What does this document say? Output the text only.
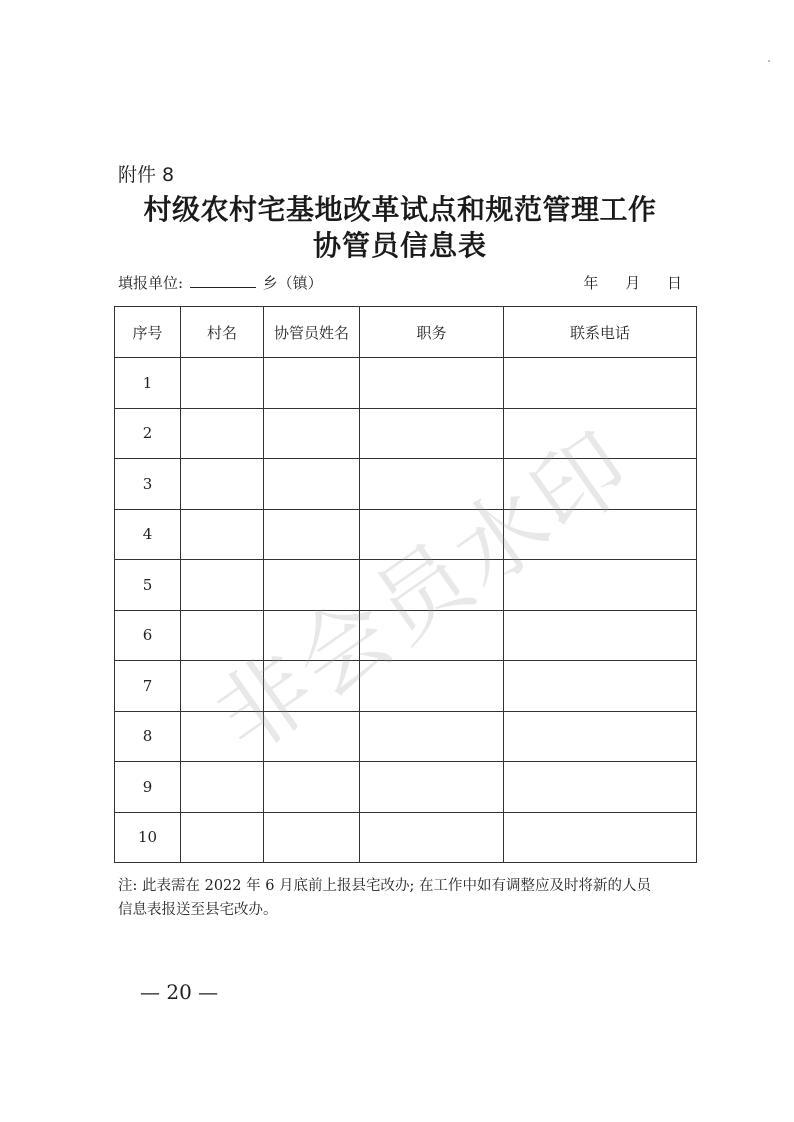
附件 8
村级农村宅基地改革试点和规范管理工作
协管员信息表
填报单位:	乡（镇）	年 月 日
序号	村名	协管员姓名	职务	联系电话
1				
2				
3				
4				
5				
6				
7				
8				
9				
10				
注: 此表需在 2022 年 6 月底前上报县宅改办; 在工作中如有调整应及时将新的人员
信息表报送至县宅改办。
— 20 —
非会员水印
